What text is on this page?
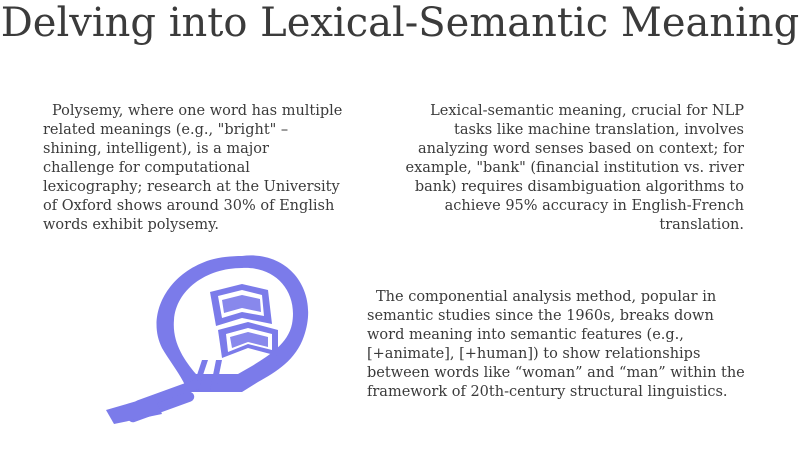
Delving into Lexical-Semantic Meaning

Polysemy, where one word has multiple related meanings (e.g., "bright" – shining, intelligent), is a major challenge for computational lexicography; research at the University of Oxford shows around 30% of English words exhibit polysemy.

Lexical-semantic meaning, crucial for NLP tasks like machine translation, involves analyzing word senses based on context; for example, "bank" (financial institution vs. river bank) requires disambiguation algorithms to achieve 95% accuracy in English-French translation.

The componential analysis method, popular in semantic studies since the 1960s, breaks down word meaning into semantic features (e.g., [+animate], [+human]) to show relationships between words like “woman” and “man” within the framework of 20th-century structural linguistics.
